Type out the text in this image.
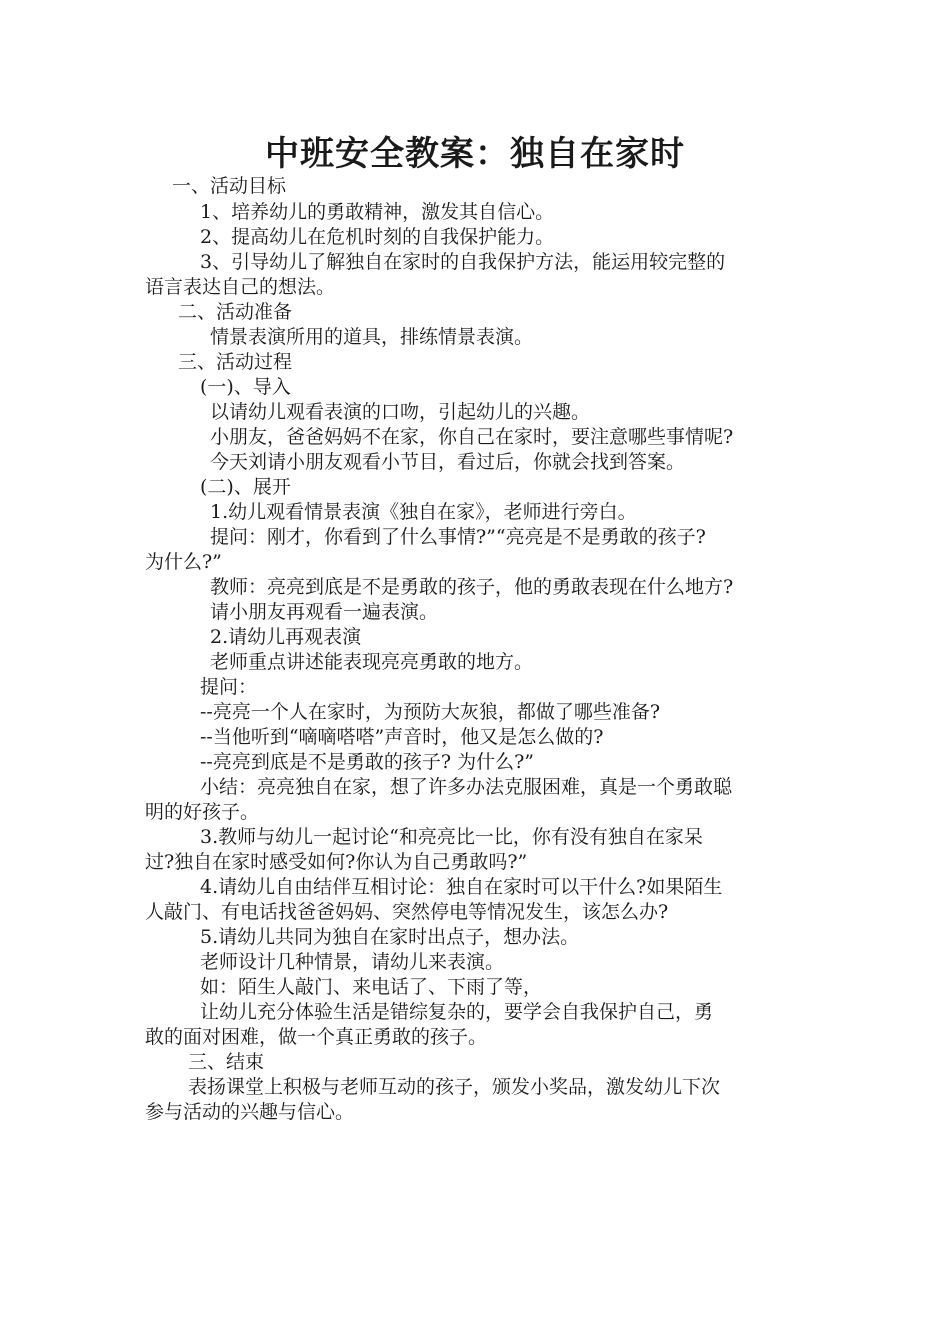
中班安全教案：独自在家时
一、活动目标
1、培养幼儿的勇敢精神，激发其自信心。
2、提高幼儿在危机时刻的自我保护能力。
3、引导幼儿了解独自在家时的自我保护方法，能运用较完整的
语言表达自己的想法。
二、活动准备
情景表演所用的道具，排练情景表演。
三、活动过程
(一)、导入
以请幼儿观看表演的口吻，引起幼儿的兴趣。
小朋友，爸爸妈妈不在家，你自己在家时，要注意哪些事情呢?
今天刘请小朋友观看小节目，看过后，你就会找到答案。
(二)、展开
1.幼儿观看情景表演《独自在家》，老师进行旁白。
提问：刚才，你看到了什么事情?”“亮亮是不是勇敢的孩子?
为什么?”
教师：亮亮到底是不是勇敢的孩子，他的勇敢表现在什么地方?
请小朋友再观看一遍表演。
2.请幼儿再观表演
老师重点讲述能表现亮亮勇敢的地方。
提问：
--亮亮一个人在家时，为预防大灰狼，都做了哪些准备?
--当他听到“嘀嘀嗒嗒”声音时，他又是怎么做的?
--亮亮到底是不是勇敢的孩子? 为什么?”
小结：亮亮独自在家，想了许多办法克服困难，真是一个勇敢聪
明的好孩子。
3.教师与幼儿一起讨论“和亮亮比一比，你有没有独自在家呆
过?独自在家时感受如何?你认为自己勇敢吗?”
4.请幼儿自由结伴互相讨论：独自在家时可以干什么?如果陌生
人敲门、有电话找爸爸妈妈、突然停电等情况发生，该怎么办?
5.请幼儿共同为独自在家时出点子，想办法。
老师设计几种情景，请幼儿来表演。
如：陌生人敲门、来电话了、下雨了等，
让幼儿充分体验生活是错综复杂的，要学会自我保护自己，勇
敢的面对困难，做一个真正勇敢的孩子。
三、结束
表扬课堂上积极与老师互动的孩子，颁发小奖品，激发幼儿下次
参与活动的兴趣与信心。
